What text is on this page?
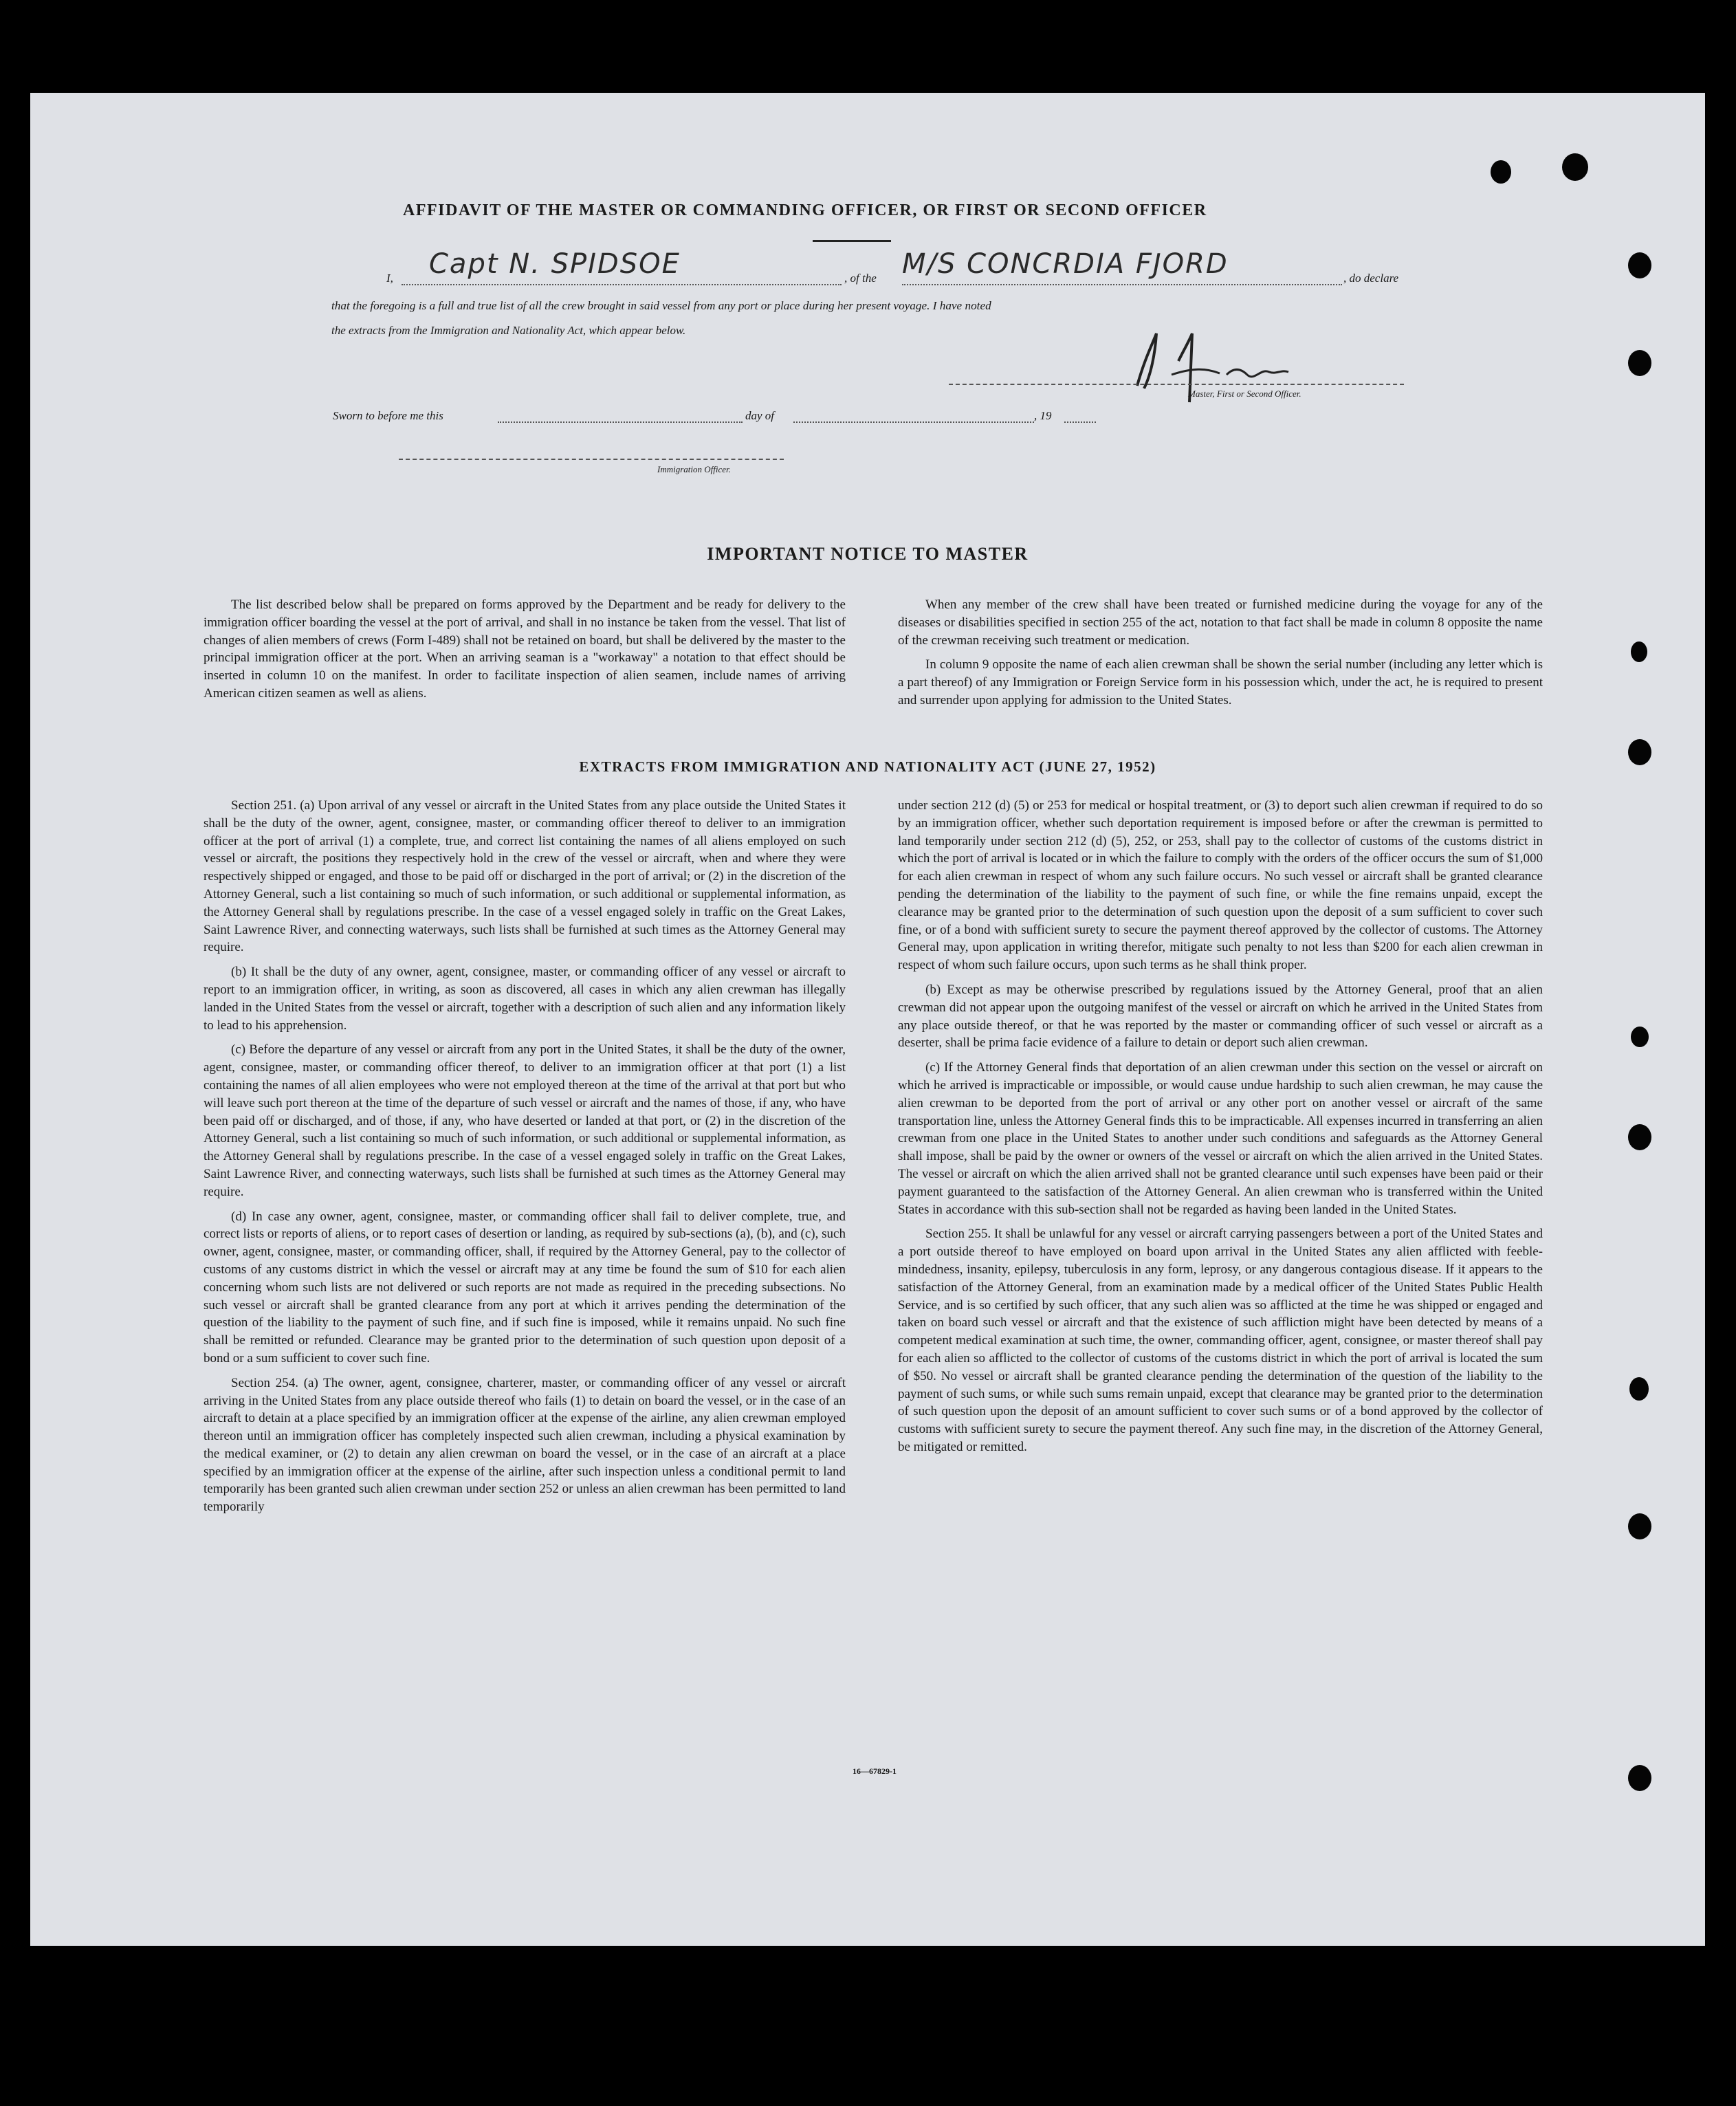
AFFIDAVIT OF THE MASTER OR COMMANDING OFFICER, OR FIRST OR SECOND OFFICER
I, Capt N. SPIDSOE	, of the M/S CONCRDIA FJORD	, do declare
that the foregoing is a full and true list of all the crew brought in said vessel from any port or place during her present voyage. I have noted
the extracts from the Immigration and Nationality Act, which appear below.
Master, First or Second Officer.
Sworn to before me this	day of	, 19
Immigration Officer.
IMPORTANT NOTICE TO MASTER

The list described below shall be prepared on forms approved by the Department and be ready for delivery to the immigration officer boarding the vessel at the port of arrival, and shall in no instance be taken from the vessel. That list of changes of alien members of crews (Form I-489) shall not be retained on board, but shall be delivered by the master to the principal immigration officer at the port. When an arriving seaman is a "workaway" a notation to that effect should be inserted in column 10 on the manifest. In order to facilitate inspection of alien seamen, include names of arriving American citizen seamen as well as aliens.

When any member of the crew shall have been treated or furnished medicine during the voyage for any of the diseases or disabilities specified in section 255 of the act, notation to that fact shall be made in column 8 opposite the name of the crewman receiving such treatment or medication.

In column 9 opposite the name of each alien crewman shall be shown the serial number (including any letter which is a part thereof) of any Immigration or Foreign Service form in his possession which, under the act, he is required to present and surrender upon applying for admission to the United States.

EXTRACTS FROM IMMIGRATION AND NATIONALITY ACT (JUNE 27, 1952)

Section 251. (a) Upon arrival of any vessel or aircraft in the United States from any place outside the United States it shall be the duty of the owner, agent, consignee, master, or commanding officer thereof to deliver to an immigration officer at the port of arrival (1) a complete, true, and correct list containing the names of all aliens employed on such vessel or aircraft, the positions they respectively hold in the crew of the vessel or aircraft, when and where they were respectively shipped or engaged, and those to be paid off or discharged in the port of arrival; or (2) in the discretion of the Attorney General, such a list containing so much of such information, or such additional or supplemental information, as the Attorney General shall by regulations prescribe. In the case of a vessel engaged solely in traffic on the Great Lakes, Saint Lawrence River, and connecting waterways, such lists shall be furnished at such times as the Attorney General may require.

(b) It shall be the duty of any owner, agent, consignee, master, or commanding officer of any vessel or aircraft to report to an immigration officer, in writing, as soon as discovered, all cases in which any alien crewman has illegally landed in the United States from the vessel or aircraft, together with a description of such alien and any information likely to lead to his apprehension.

(c) Before the departure of any vessel or aircraft from any port in the United States, it shall be the duty of the owner, agent, consignee, master, or commanding officer thereof, to deliver to an immigration officer at that port (1) a list containing the names of all alien employees who were not employed thereon at the time of the arrival at that port but who will leave such port thereon at the time of the departure of such vessel or aircraft and the names of those, if any, who have been paid off or discharged, and of those, if any, who have deserted or landed at that port, or (2) in the discretion of the Attorney General, such a list containing so much of such information, or such additional or supplemental information, as the Attorney General shall by regulations prescribe. In the case of a vessel engaged solely in traffic on the Great Lakes, Saint Lawrence River, and connecting waterways, such lists shall be furnished at such times as the Attorney General may require.

(d) In case any owner, agent, consignee, master, or commanding officer shall fail to deliver complete, true, and correct lists or reports of aliens, or to report cases of desertion or landing, as required by sub-sections (a), (b), and (c), such owner, agent, consignee, master, or commanding officer, shall, if required by the Attorney General, pay to the collector of customs of any customs district in which the vessel or aircraft may at any time be found the sum of $10 for each alien concerning whom such lists are not delivered or such reports are not made as required in the preceding subsections. No such vessel or aircraft shall be granted clearance from any port at which it arrives pending the determination of the question of the liability to the payment of such fine, and if such fine is imposed, while it remains unpaid. No such fine shall be remitted or refunded. Clearance may be granted prior to the determination of such question upon deposit of a bond or a sum sufficient to cover such fine.

Section 254. (a) The owner, agent, consignee, charterer, master, or commanding officer of any vessel or aircraft arriving in the United States from any place outside thereof who fails (1) to detain on board the vessel, or in the case of an aircraft to detain at a place specified by an immigration officer at the expense of the airline, any alien crewman employed thereon until an immigration officer has completely inspected such alien crewman, including a physical examination by the medical examiner, or (2) to detain any alien crewman on board the vessel, or in the case of an aircraft at a place specified by an immigration officer at the expense of the airline, after such inspection unless a conditional permit to land temporarily has been granted such alien crewman under section 252 or unless an alien crewman has been permitted to land temporarily

under section 212 (d) (5) or 253 for medical or hospital treatment, or (3) to deport such alien crewman if required to do so by an immigration officer, whether such deportation requirement is imposed before or after the crewman is permitted to land temporarily under section 212 (d) (5), 252, or 253, shall pay to the collector of customs of the customs district in which the port of arrival is located or in which the failure to comply with the orders of the officer occurs the sum of $1,000 for each alien crewman in respect of whom any such failure occurs. No such vessel or aircraft shall be granted clearance pending the determination of the liability to the payment of such fine, or while the fine remains unpaid, except the clearance may be granted prior to the determination of such question upon the deposit of a sum sufficient to cover such fine, or of a bond with sufficient surety to secure the payment thereof approved by the collector of customs. The Attorney General may, upon application in writing therefor, mitigate such penalty to not less than $200 for each alien crewman in respect of whom such failure occurs, upon such terms as he shall think proper.

(b) Except as may be otherwise prescribed by regulations issued by the Attorney General, proof that an alien crewman did not appear upon the outgoing manifest of the vessel or aircraft on which he arrived in the United States from any place outside thereof, or that he was reported by the master or commanding officer of such vessel or aircraft as a deserter, shall be prima facie evidence of a failure to detain or deport such alien crewman.

(c) If the Attorney General finds that deportation of an alien crewman under this section on the vessel or aircraft on which he arrived is impracticable or impossible, or would cause undue hardship to such alien crewman, he may cause the alien crewman to be deported from the port of arrival or any other port on another vessel or aircraft of the same transportation line, unless the Attorney General finds this to be impracticable. All expenses incurred in transferring an alien crewman from one place in the United States to another under such conditions and safeguards as the Attorney General shall impose, shall be paid by the owner or owners of the vessel or aircraft on which the alien arrived in the United States. The vessel or aircraft on which the alien arrived shall not be granted clearance until such expenses have been paid or their payment guaranteed to the satisfaction of the Attorney General. An alien crewman who is transferred within the United States in accordance with this sub-section shall not be regarded as having been landed in the United States.

Section 255. It shall be unlawful for any vessel or aircraft carrying passengers between a port of the United States and a port outside thereof to have employed on board upon arrival in the United States any alien afflicted with feeble-mindedness, insanity, epilepsy, tuberculosis in any form, leprosy, or any dangerous contagious disease. If it appears to the satisfaction of the Attorney General, from an examination made by a medical officer of the United States Public Health Service, and is so certified by such officer, that any such alien was so afflicted at the time he was shipped or engaged and taken on board such vessel or aircraft and that the existence of such affliction might have been detected by means of a competent medical examination at such time, the owner, commanding officer, agent, consignee, or master thereof shall pay for each alien so afflicted to the collector of customs of the customs district in which the port of arrival is located the sum of $50. No vessel or aircraft shall be granted clearance pending the determination of the question of the liability to the payment of such sums, or while such sums remain unpaid, except that clearance may be granted prior to the determination of such question upon the deposit of an amount sufficient to cover such sums or of a bond approved by the collector of customs with sufficient surety to secure the payment thereof. Any such fine may, in the discretion of the Attorney General, be mitigated or remitted.

16—67829-1
